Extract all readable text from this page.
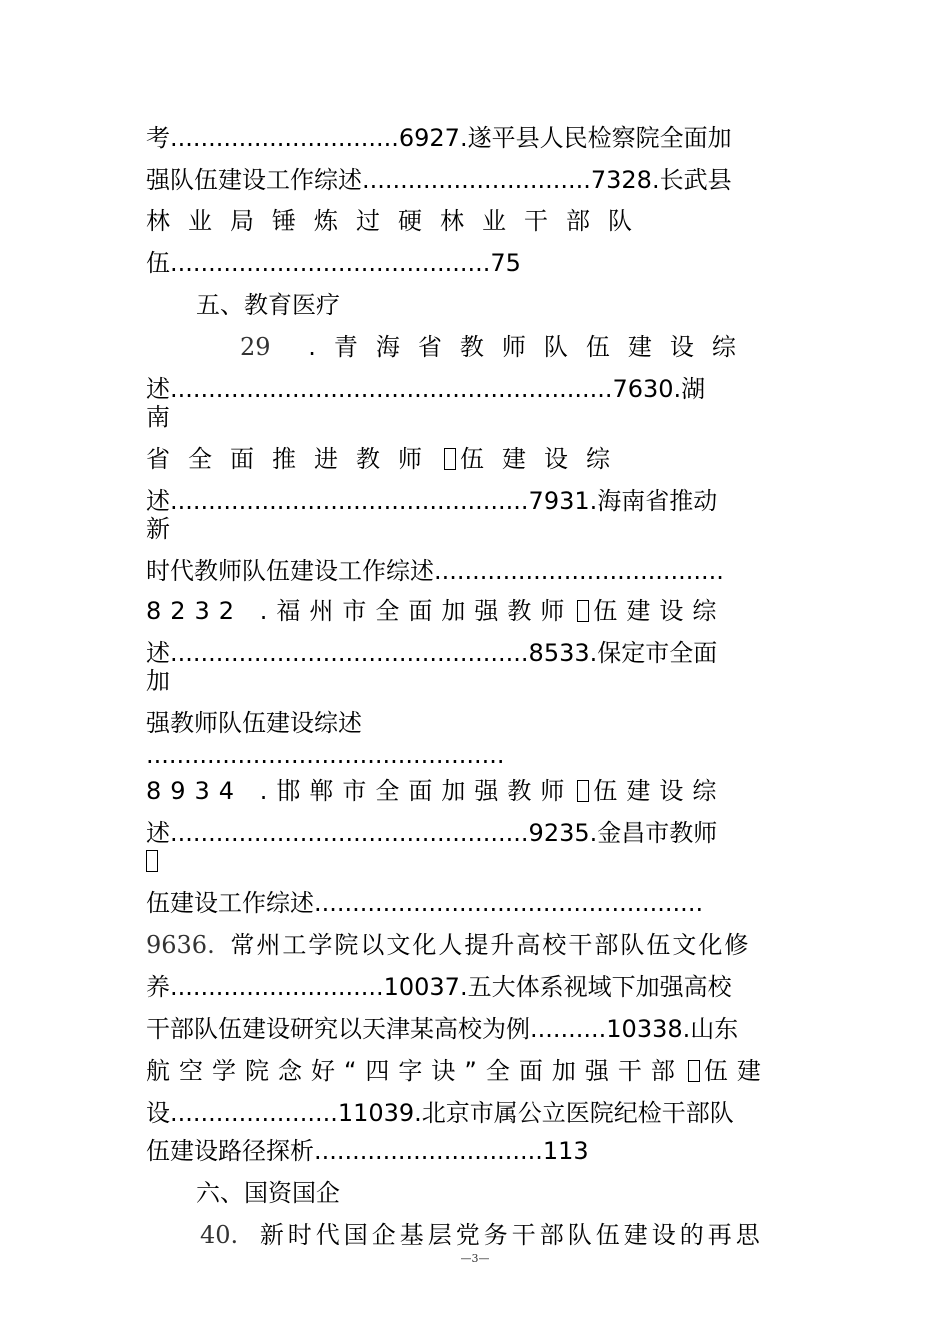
考..............................6927.遂平县人民检察院全面加
强队伍建设工作综述..............................7328.长武县
林业局锤炼过硬林业干部队
伍..........................................75
五、教育医疗
29 .青海省教师队伍建设综
述..........................................................7630.湖
南
省全面推进教师 伍建设综
述...............................................7931.海南省推动
新
时代教师队伍建设工作综述......................................
8232 .福州市全面加强教师 伍建设综
述...............................................8533.保定市全面
加
强教师队伍建设综述
...............................................
8934 .邯郸市全面加强教师 伍建设综
述...............................................9235.金昌市教师
伍建设工作综述...................................................
9636. 常州工学院以文化人提升高校干部队伍文化修
养............................10037.五大体系视域下加强高校
干部队伍建设研究以天津某高校为例..........10338.山东
航空学院念好“四字诀”全面加强干部 伍建
设......................11039.北京市属公立医院纪检干部队
伍建设路径探析..............................113
六、国资国企
40. 新时代国企基层党务干部队伍建设的再思
—3—
